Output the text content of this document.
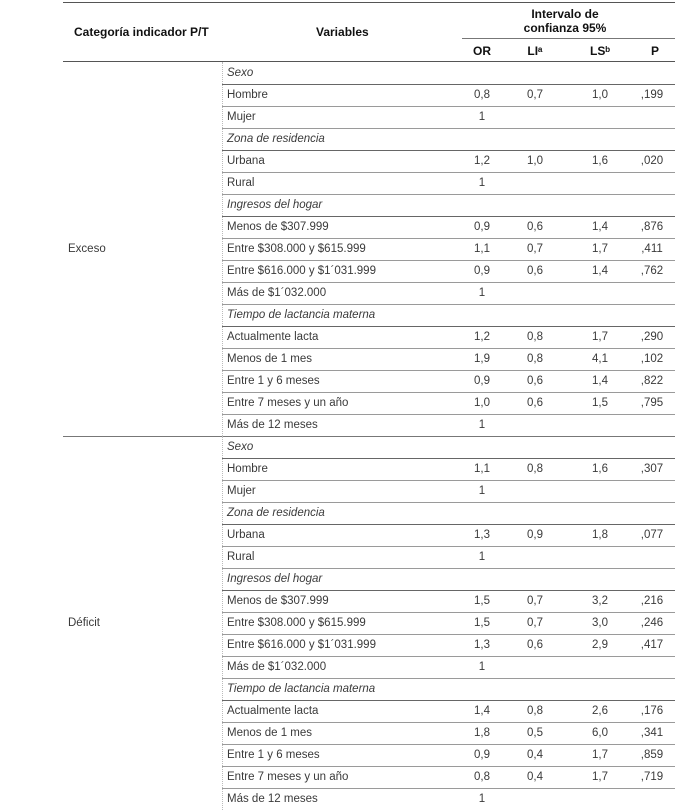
Categoría indicador P/T	Variables
Intervalo de
confianza 95%
OR	LIᵃ	LSᵇ	P
Exceso
Sexo
Hombre	0,8	0,7	1,0	,199
Mujer	1
Zona de residencia
Urbana	1,2	1,0	1,6	,020
Rural	1
Ingresos del hogar
Menos de $307.999	0,9	0,6	1,4	,876
Entre $308.000 y $615.999	1,1	0,7	1,7	,411
Entre $616.000 y $1´031.999	0,9	0,6	1,4	,762
Más de $1´032.000	1
Tiempo de lactancia materna
Actualmente lacta	1,2	0,8	1,7	,290
Menos de 1 mes	1,9	0,8	4,1	,102
Entre 1 y 6 meses	0,9	0,6	1,4	,822
Entre 7 meses y un año	1,0	0,6	1,5	,795
Más de 12 meses	1
Déficit
Sexo
Hombre	1,1	0,8	1,6	,307
Mujer	1
Zona de residencia
Urbana	1,3	0,9	1,8	,077
Rural	1
Ingresos del hogar
Menos de $307.999	1,5	0,7	3,2	,216
Entre $308.000 y $615.999	1,5	0,7	3,0	,246
Entre $616.000 y $1´031.999	1,3	0,6	2,9	,417
Más de $1´032.000	1
Tiempo de lactancia materna
Actualmente lacta	1,4	0,8	2,6	,176
Menos de 1 mes	1,8	0,5	6,0	,341
Entre 1 y 6 meses	0,9	0,4	1,7	,859
Entre 7 meses y un año	0,8	0,4	1,7	,719
Más de 12 meses	1
